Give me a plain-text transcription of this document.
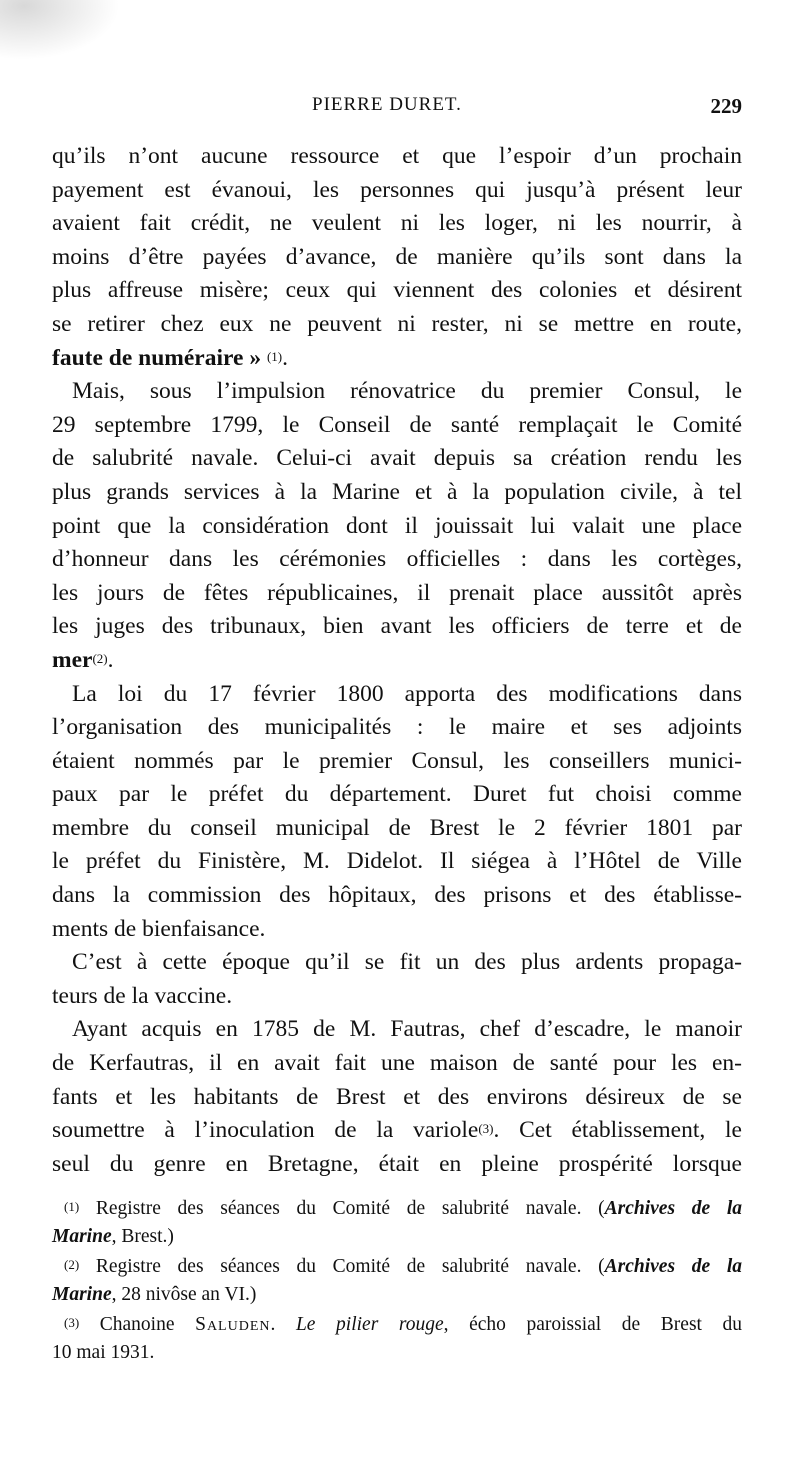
PIERRE DURET.	229

qu’ils n’ont aucune ressource et que l’espoir d’un prochain
payement est évanoui, les personnes qui jusqu’à présent leur
avaient fait crédit, ne veulent ni les loger, ni les nourrir, à
moins d’être payées d’avance, de manière qu’ils sont dans la
plus affreuse misère; ceux qui viennent des colonies et désirent
se retirer chez eux ne peuvent ni rester, ni se mettre en route,
faute de numéraire » $^{(1)}$.

Mais, sous l’impulsion rénovatrice du premier Consul, le
29 septembre 1799, le Conseil de santé remplaçait le Comité
de salubrité navale. Celui-ci avait depuis sa création rendu les
plus grands services à la Marine et à la population civile, à tel
point que la considération dont il jouissait lui valait une place
d’honneur dans les cérémonies officielles : dans les cortèges,
les jours de fêtes républicaines, il prenait place aussitôt après
les juges des tribunaux, bien avant les officiers de terre et de
mer$^{(2)}$.

La loi du 17 février 1800 apporta des modifications dans
l’organisation des municipalités : le maire et ses adjoints
étaient nommés par le premier Consul, les conseillers munici-
paux par le préfet du département. Duret fut choisi comme
membre du conseil municipal de Brest le 2 février 1801 par
le préfet du Finistère, M. Didelot. Il siégea à l’Hôtel de Ville
dans la commission des hôpitaux, des prisons et des établisse-
ments de bienfaisance.

C’est à cette époque qu’il se fit un des plus ardents propaga-
teurs de la vaccine.

Ayant acquis en 1785 de M. Fautras, chef d’escadre, le manoir
de Kerfautras, il en avait fait une maison de santé pour les en-
fants et les habitants de Brest et des environs désireux de se
soumettre à l’inoculation de la variole$^{(3)}$. Cet établissement, le
seul du genre en Bretagne, était en pleine prospérité lorsque

$^{(1)}$ Registre des séances du Comité de salubrité navale. (Archives de la
Marine, Brest.)
$^{(2)}$ Registre des séances du Comité de salubrité navale. (Archives de la
Marine, 28 nivôse an VI.)
$^{(3)}$ Chanoine Saluden. Le pilier rouge, écho paroissial de Brest du
10 mai 1931.
